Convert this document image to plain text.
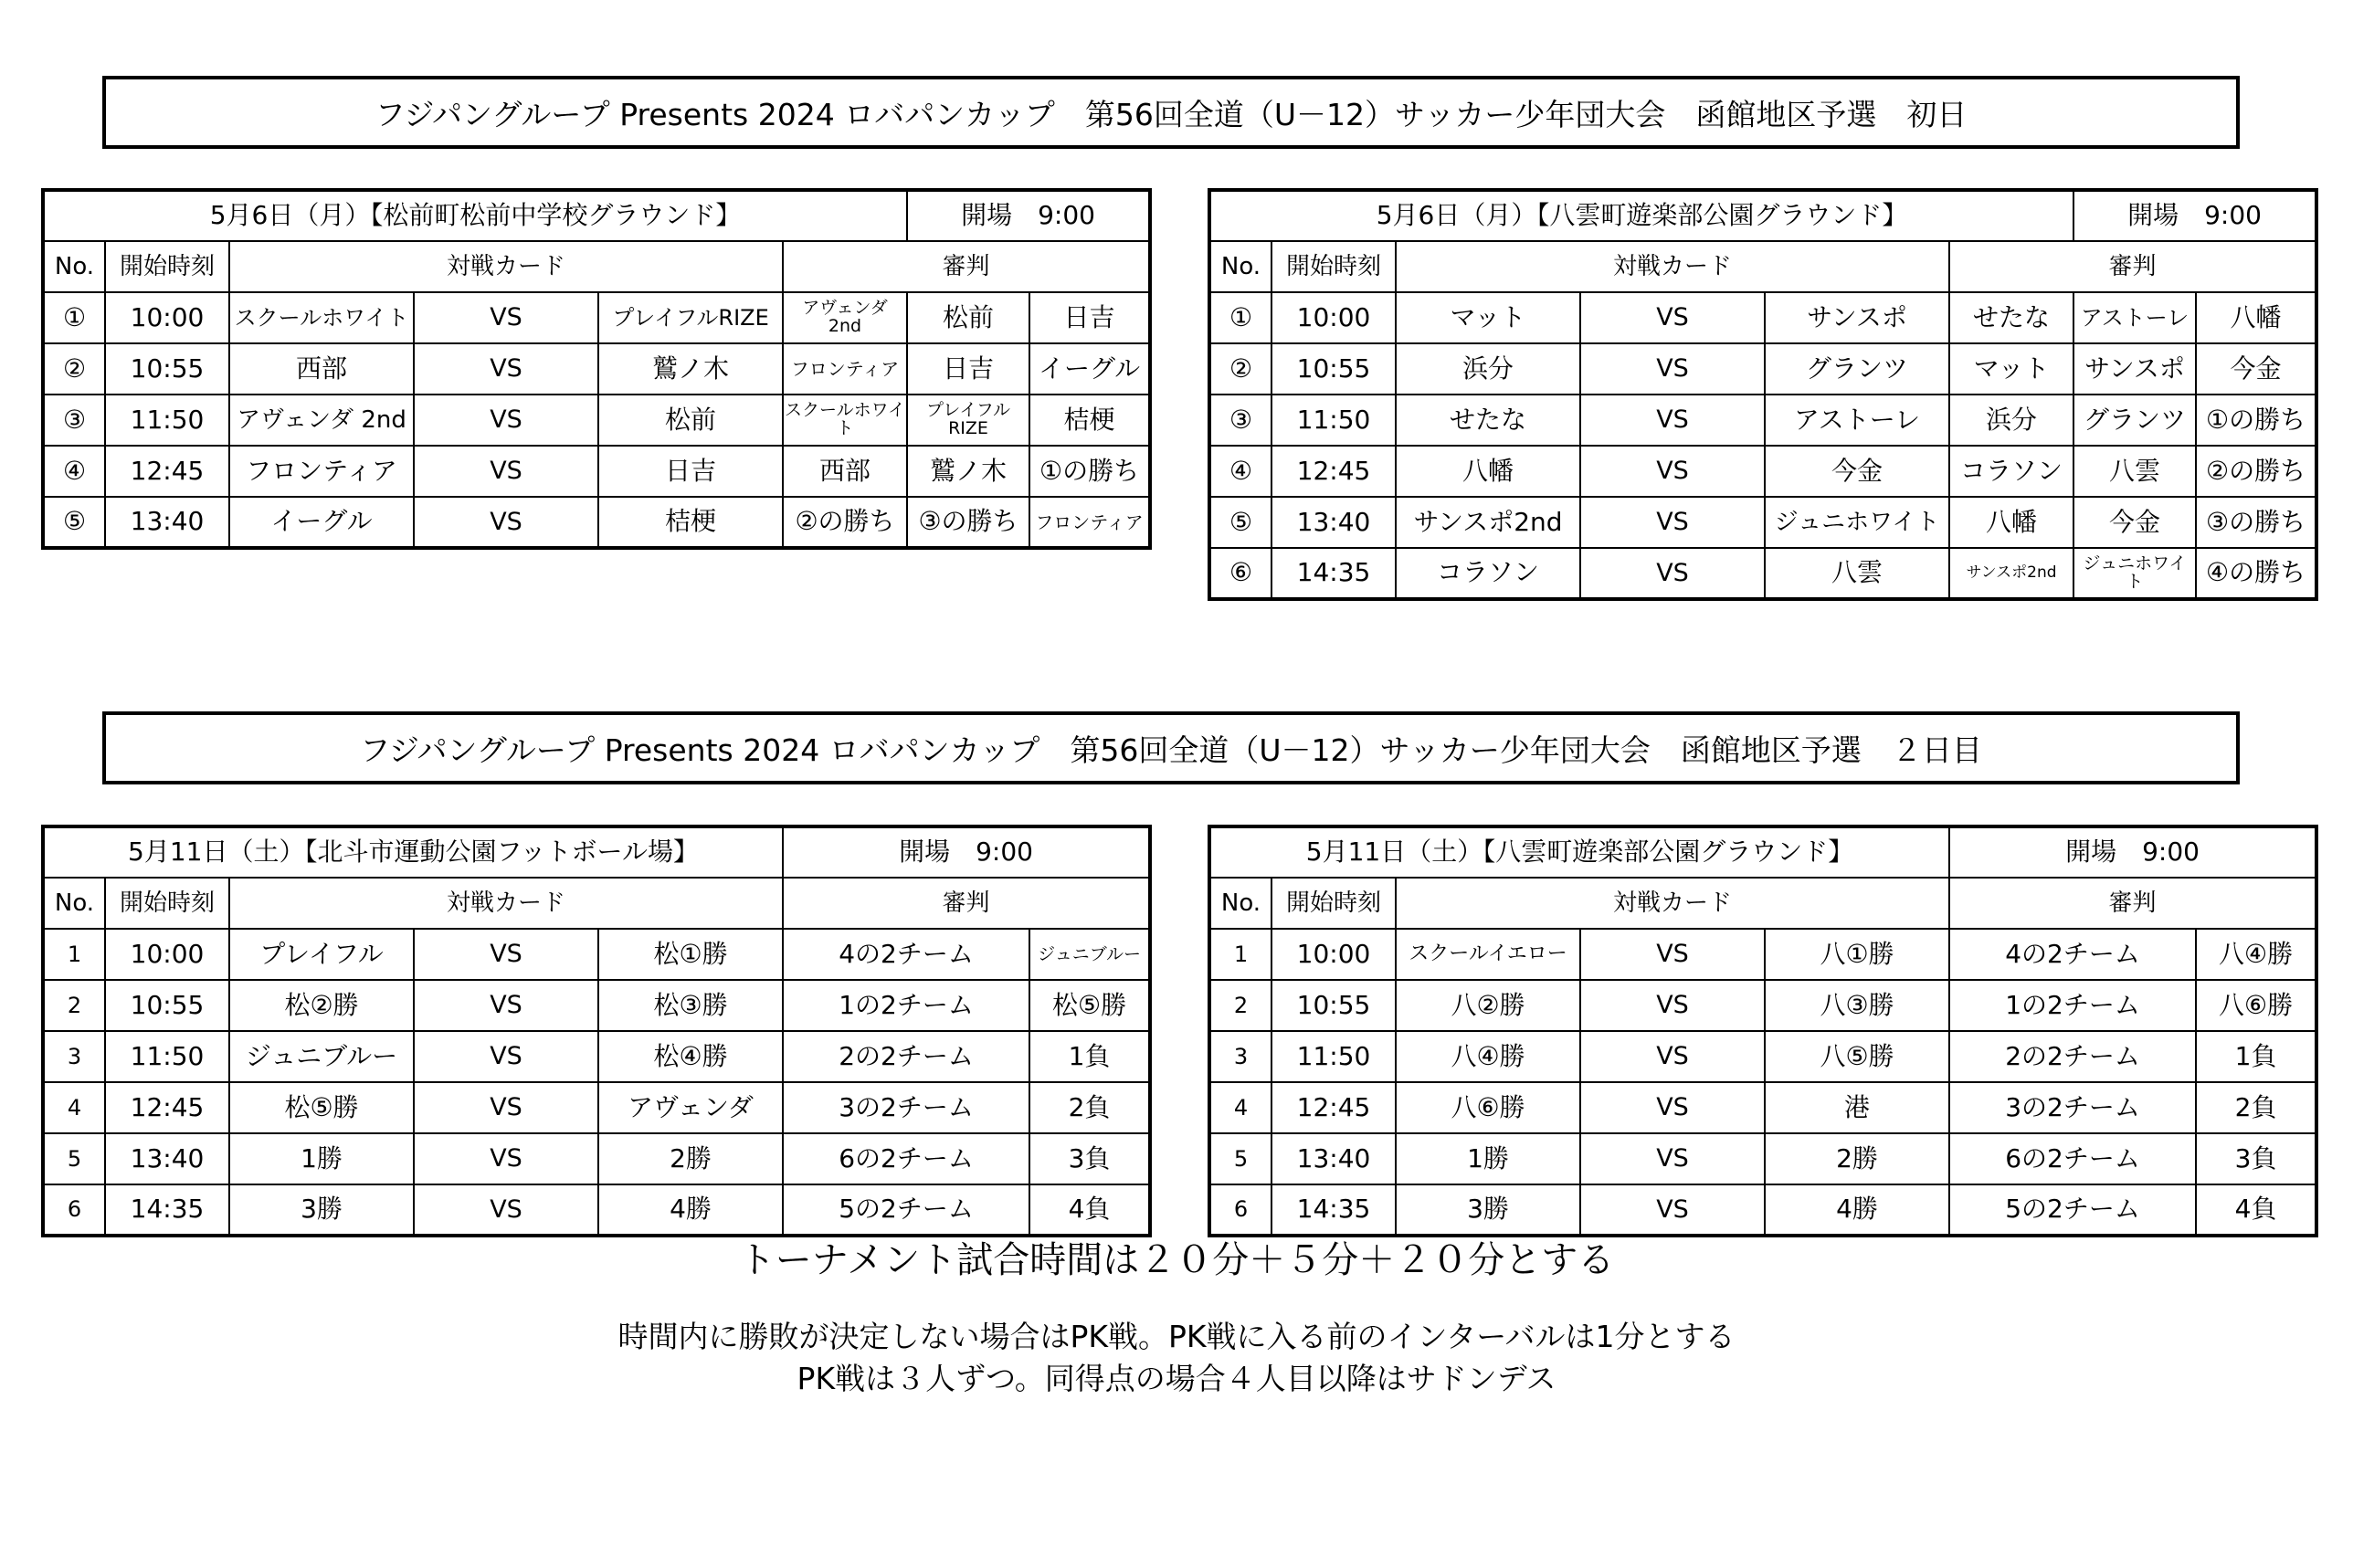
フジパングループ Presents 2024 ロバパンカップ　第56回全道（U－12）サッカー少年団大会　函館地区予選　初日
5月6日（月）【松前町松前中学校グラウンド】						開場　9:00	
No.	開始時刻	対戦カード			審判		
①	10:00	スクールホワイト	VS	プレイフルRIZE	アヴェンダ 2nd	松前	日吉
②	10:55	西部	VS	鷲ノ木	フロンティア	日吉	イーグル
③	11:50	アヴェンダ 2nd	VS	松前	スクールホワイト	プレイフル RIZE	桔梗
④	12:45	フロンティア	VS	日吉	西部	鷲ノ木	①の勝ち
⑤	13:40	イーグル	VS	桔梗	②の勝ち	③の勝ち	フロンティア
5月6日（月）【八雲町遊楽部公園グラウンド】						開場　9:00	
No.	開始時刻	対戦カード			審判		
①	10:00	マット	VS	サンスポ	せたな	アストーレ	八幡
②	10:55	浜分	VS	グランツ	マット	サンスポ	今金
③	11:50	せたな	VS	アストーレ	浜分	グランツ	①の勝ち
④	12:45	八幡	VS	今金	コラソン	八雲	②の勝ち
⑤	13:40	サンスポ2nd	VS	ジュニホワイト	八幡	今金	③の勝ち
⑥	14:35	コラソン	VS	八雲	サンスポ2nd	ジュニホワイト	④の勝ち
フジパングループ Presents 2024 ロバパンカップ　第56回全道（U－12）サッカー少年団大会　函館地区予選　２日目
5月11日（土）【北斗市運動公園フットボール場】					開場　9:00	
No.	開始時刻	対戦カード			審判	
1	10:00	プレイフル	VS	松①勝	4の2チーム	ジュニブルー
2	10:55	松②勝	VS	松③勝	1の2チーム	松⑤勝
3	11:50	ジュニブルー	VS	松④勝	2の2チーム	1負
4	12:45	松⑤勝	VS	アヴェンダ	3の2チーム	2負
5	13:40	1勝	VS	2勝	6の2チーム	3負
6	14:35	3勝	VS	4勝	5の2チーム	4負
5月11日（土）【八雲町遊楽部公園グラウンド】					開場　9:00	
No.	開始時刻	対戦カード			審判	
1	10:00	スクールイエロー	VS	八①勝	4の2チーム	八④勝
2	10:55	八②勝	VS	八③勝	1の2チーム	八⑥勝
3	11:50	八④勝	VS	八⑤勝	2の2チーム	1負
4	12:45	八⑥勝	VS	港	3の2チーム	2負
5	13:40	1勝	VS	2勝	6の2チーム	3負
6	14:35	3勝	VS	4勝	5の2チーム	4負
トーナメント試合時間は２０分＋５分＋２０分とする
時間内に勝敗が決定しない場合はPK戦。PK戦に入る前のインターバルは1分とする
PK戦は３人ずつ。同得点の場合４人目以降はサドンデス
